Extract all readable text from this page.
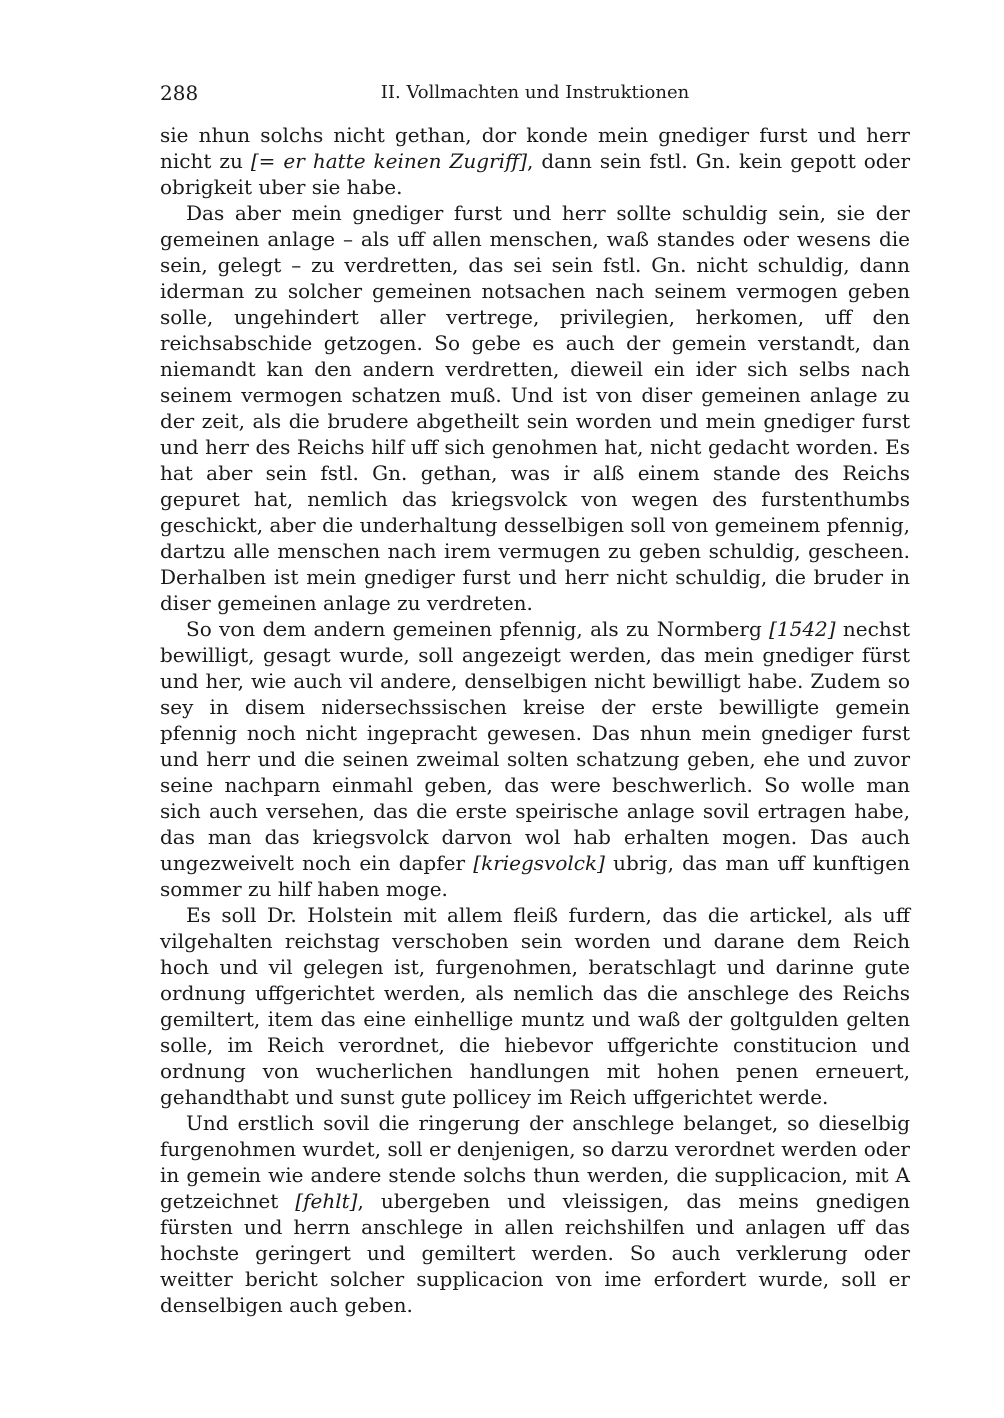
288	II. Vollmachten und Instruktionen

sie nhun solchs nicht gethan, dor konde mein gnediger furst und herr nicht zu [= er hatte keinen Zugriff], dann sein fstl. Gn. kein gepott oder obrigkeit uber sie habe.

Das aber mein gnediger furst und herr sollte schuldig sein, sie der gemeinen anlage – als uff allen menschen, waß standes oder wesens die sein, gelegt – zu verdretten, das sei sein fstl. Gn. nicht schuldig, dann iderman zu solcher gemeinen notsachen nach seinem vermogen geben solle, ungehindert aller vertrege, privilegien, herkomen, uff den reichsabschide getzogen. So gebe es auch der gemein verstandt, dan niemandt kan den andern verdretten, dieweil ein ider sich selbs nach seinem vermogen schatzen muß. Und ist von diser gemeinen anlage zu der zeit, als die brudere abgetheilt sein worden und mein gnediger furst und herr des Reichs hilf uff sich genohmen hat, nicht gedacht worden. Es hat aber sein fstl. Gn. gethan, was ir alß einem stande des Reichs gepuret hat, nemlich das kriegsvolck von wegen des furstenthumbs geschickt, aber die underhaltung desselbigen soll von gemeinem pfennig, dartzu alle menschen nach irem vermugen zu geben schuldig, gescheen. Derhalben ist mein gnediger furst und herr nicht schuldig, die bruder in diser gemeinen anlage zu verdreten.

So von dem andern gemeinen pfennig, als zu Normberg [1542] nechst bewilligt, gesagt wurde, soll angezeigt werden, das mein gnediger fürst und her, wie auch vil andere, denselbigen nicht bewilligt habe. Zudem so sey in disem nidersechssischen kreise der erste bewilligte gemein pfennig noch nicht ingepracht gewesen. Das nhun mein gnediger furst und herr und die seinen zweimal solten schatzung geben, ehe und zuvor seine nachparn einmahl geben, das were beschwerlich. So wolle man sich auch versehen, das die erste speirische anlage sovil ertragen habe, das man das kriegsvolck darvon wol hab erhalten mogen. Das auch ungezweivelt noch ein dapfer [kriegsvolck] ubrig, das man uff kunftigen sommer zu hilf haben moge.

Es soll Dr. Holstein mit allem fleiß furdern, das die artickel, als uff vilgehalten reichstag verschoben sein worden und darane dem Reich hoch und vil gelegen ist, furgenohmen, beratschlagt und darinne gute ordnung uffgerichtet werden, als nemlich das die anschlege des Reichs gemiltert, item das eine einhellige muntz und waß der goltgulden gelten solle, im Reich verordnet, die hiebevor uffgerichte constitucion und ordnung von wucherlichen handlungen mit hohen penen erneuert, gehandthabt und sunst gute pollicey im Reich uffgerichtet werde.

Und erstlich sovil die ringerung der anschlege belanget, so dieselbig furgenohmen wurdet, soll er denjenigen, so darzu verordnet werden oder in gemein wie andere stende solchs thun werden, die supplicacion, mit A getzeichnet [fehlt], ubergeben und vleissigen, das meins gnedigen fürsten und herrn anschlege in allen reichshilfen und anlagen uff das hochste geringert und gemiltert werden. So auch verklerung oder weitter bericht solcher supplicacion von ime erfordert wurde, soll er denselbigen auch geben.
